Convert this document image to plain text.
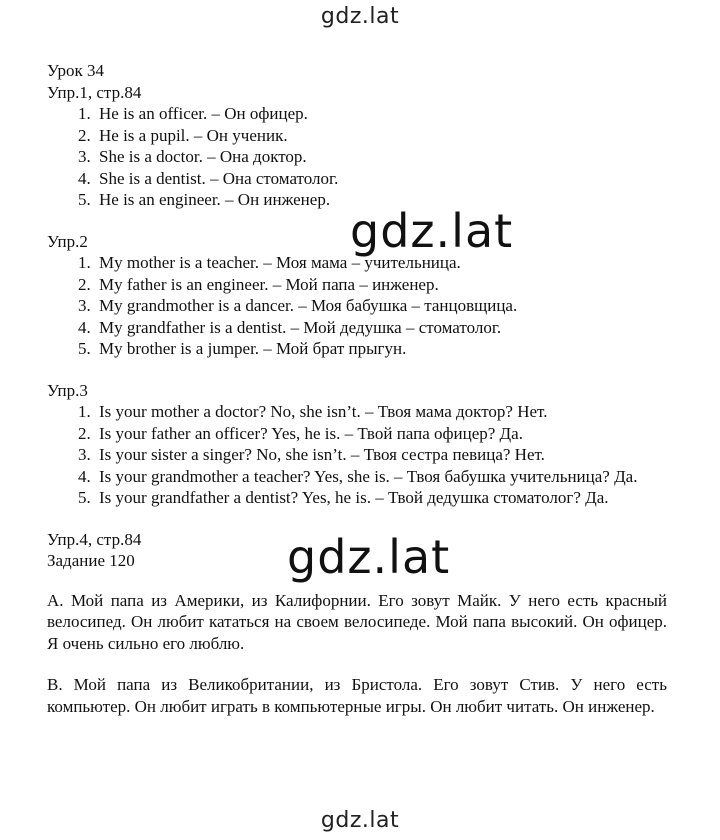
gdz.lat
gdz.lat
gdz.lat
gdz.lat

Урок 34

Упр.1, стр.84

1. He is an officer. – Он офицер.
2. He is a pupil. – Он ученик.
3. She is a doctor. – Она доктор.
4. She is a dentist. – Она стоматолог.
5. He is an engineer. – Он инженер.

Упр.2

1. My mother is a teacher. – Моя мама – учительница.
2. My father is an engineer. – Мой папа – инженер.
3. My grandmother is a dancer. – Моя бабушка – танцовщица.
4. My grandfather is a dentist. – Мой дедушка – стоматолог.
5. My brother is a jumper. – Мой брат прыгун.

Упр.3

1. Is your mother a doctor? No, she isn’t. – Твоя мама доктор? Нет.
2. Is your father an officer? Yes, he is. – Твой папа офицер? Да.
3. Is your sister a singer? No, she isn’t. – Твоя сестра певица? Нет.
4. Is your grandmother a teacher? Yes, she is. – Твоя бабушка учительница? Да.
5. Is your grandfather a dentist? Yes, he is. – Твой дедушка стоматолог? Да.

Упр.4, стр.84

Задание 120

A. Мой папа из Америки, из Калифорнии. Его зовут Майк. У него есть красный велосипед. Он любит кататься на своем велосипеде. Мой папа высокий. Он офицер. Я очень сильно его люблю.

B. Мой папа из Великобритании, из Бристола. Его зовут Стив. У него есть компьютер. Он любит играть в компьютерные игры. Он любит читать. Он инженер.
